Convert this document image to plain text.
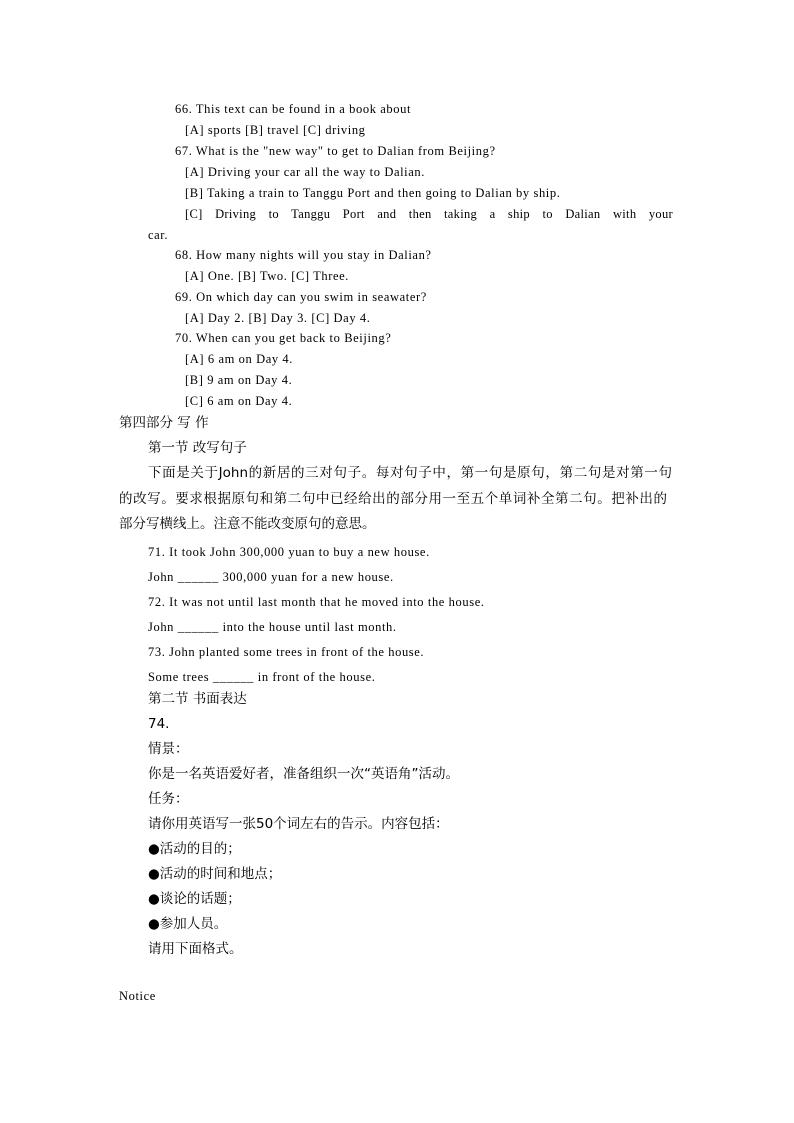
66. This text can be found in a book about
[A] sports [B] travel [C] driving
67. What is the "new way" to get to Dalian from Beijing?
[A] Driving your car all the way to Dalian.
[B] Taking a train to Tanggu Port and then going to Dalian by ship.
[C] Driving to Tanggu Port and then taking a ship to Dalian with your
car.
68. How many nights will you stay in Dalian?
[A] One. [B] Two. [C] Three.
69. On which day can you swim in seawater?
[A] Day 2. [B] Day 3. [C] Day 4.
70. When can you get back to Beijing?
[A] 6 am on Day 4.
[B] 9 am on Day 4.
[C] 6 am on Day 4.
第四部分 写 作
第一节 改写句子
下面是关于John的新居的三对句子。每对句子中，第一句是原句，第二句是对第一句
的改写。要求根据原句和第二句中已经给出的部分用一至五个单词补全第二句。把补出的
部分写横线上。注意不能改变原句的意思。
71. It took John 300,000 yuan to buy a new house.
John ______ 300,000 yuan for a new house.
72. It was not until last month that he moved into the house.
John ______ into the house until last month.
73. John planted some trees in front of the house.
Some trees ______ in front of the house.
第二节 书面表达
74.
情景：
你是一名英语爱好者，准备组织一次“英语角”活动。
任务：
请你用英语写一张50个词左右的告示。内容包括：
●活动的目的；
●活动的时间和地点；
●谈论的话题；
●参加人员。
请用下面格式。
Notice
